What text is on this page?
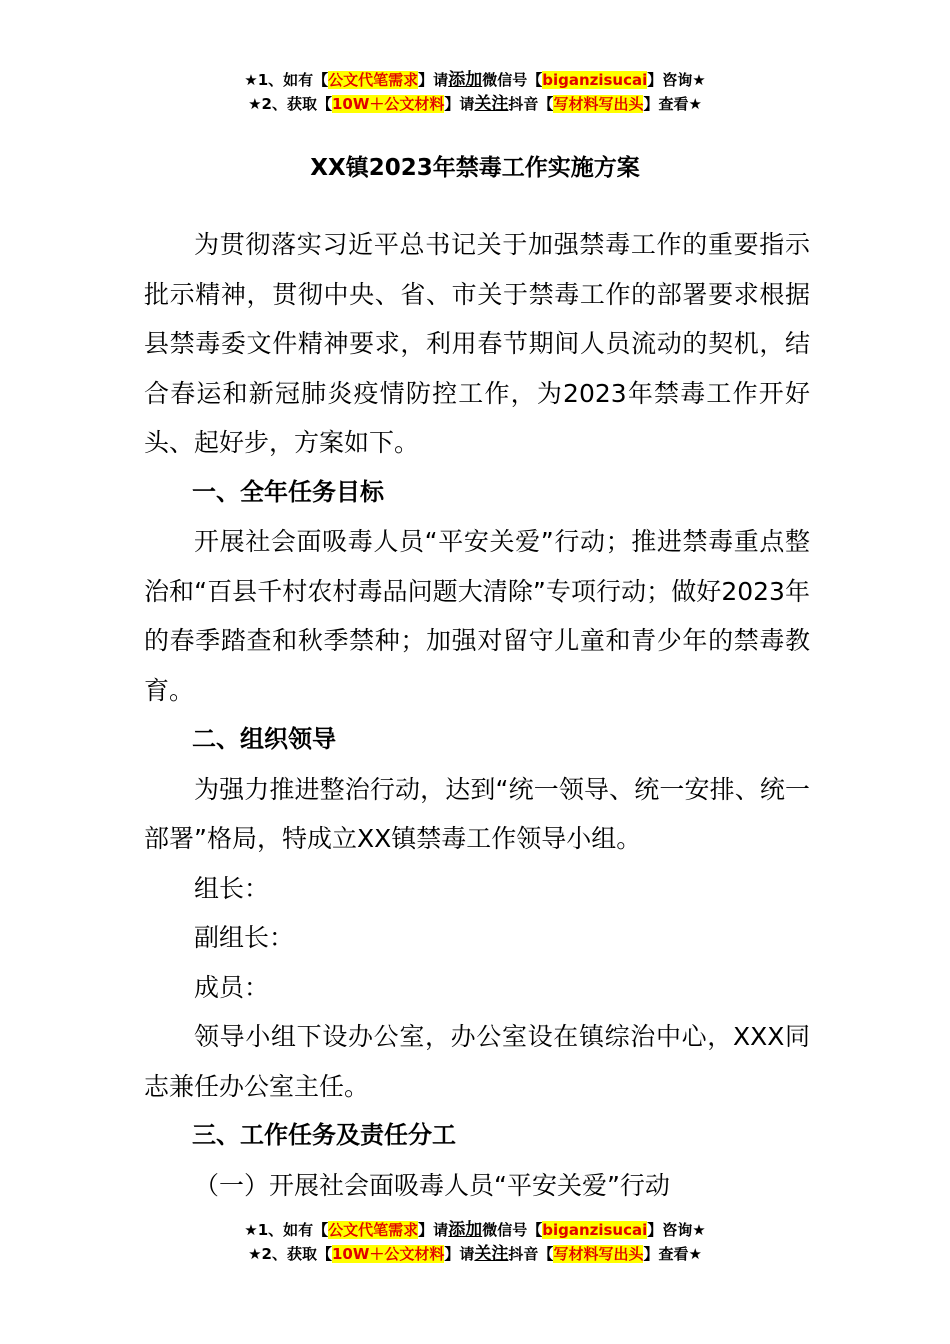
★1、如有【公文代笔需求】请添加微信号【biganzisucai】咨询★
★2、获取【10W＋公文材料】请关注抖音【写材料写出头】查看★
XX镇2023年禁毒工作实施方案

为贯彻落实习近平总书记关于加强禁毒工作的重要指示批示精神，贯彻中央、省、市关于禁毒工作的部署要求根据县禁毒委文件精神要求，利用春节期间人员流动的契机，结合春运和新冠肺炎疫情防控工作，为2023年禁毒工作开好头、起好步，方案如下。

一、全年任务目标

开展社会面吸毒人员“平安关爱”行动；推进禁毒重点整治和“百县千村农村毒品问题大清除”专项行动；做好2023年的春季踏查和秋季禁种；加强对留守儿童和青少年的禁毒教育。

二、组织领导

为强力推进整治行动，达到“统一领导、统一安排、统一部署”格局，特成立XX镇禁毒工作领导小组。

组长：

副组长：

成员：

领导小组下设办公室，办公室设在镇综治中心，XXX同志兼任办公室主任。

三、工作任务及责任分工

（一）开展社会面吸毒人员“平安关爱”行动

★1、如有【公文代笔需求】请添加微信号【biganzisucai】咨询★
★2、获取【10W＋公文材料】请关注抖音【写材料写出头】查看★
